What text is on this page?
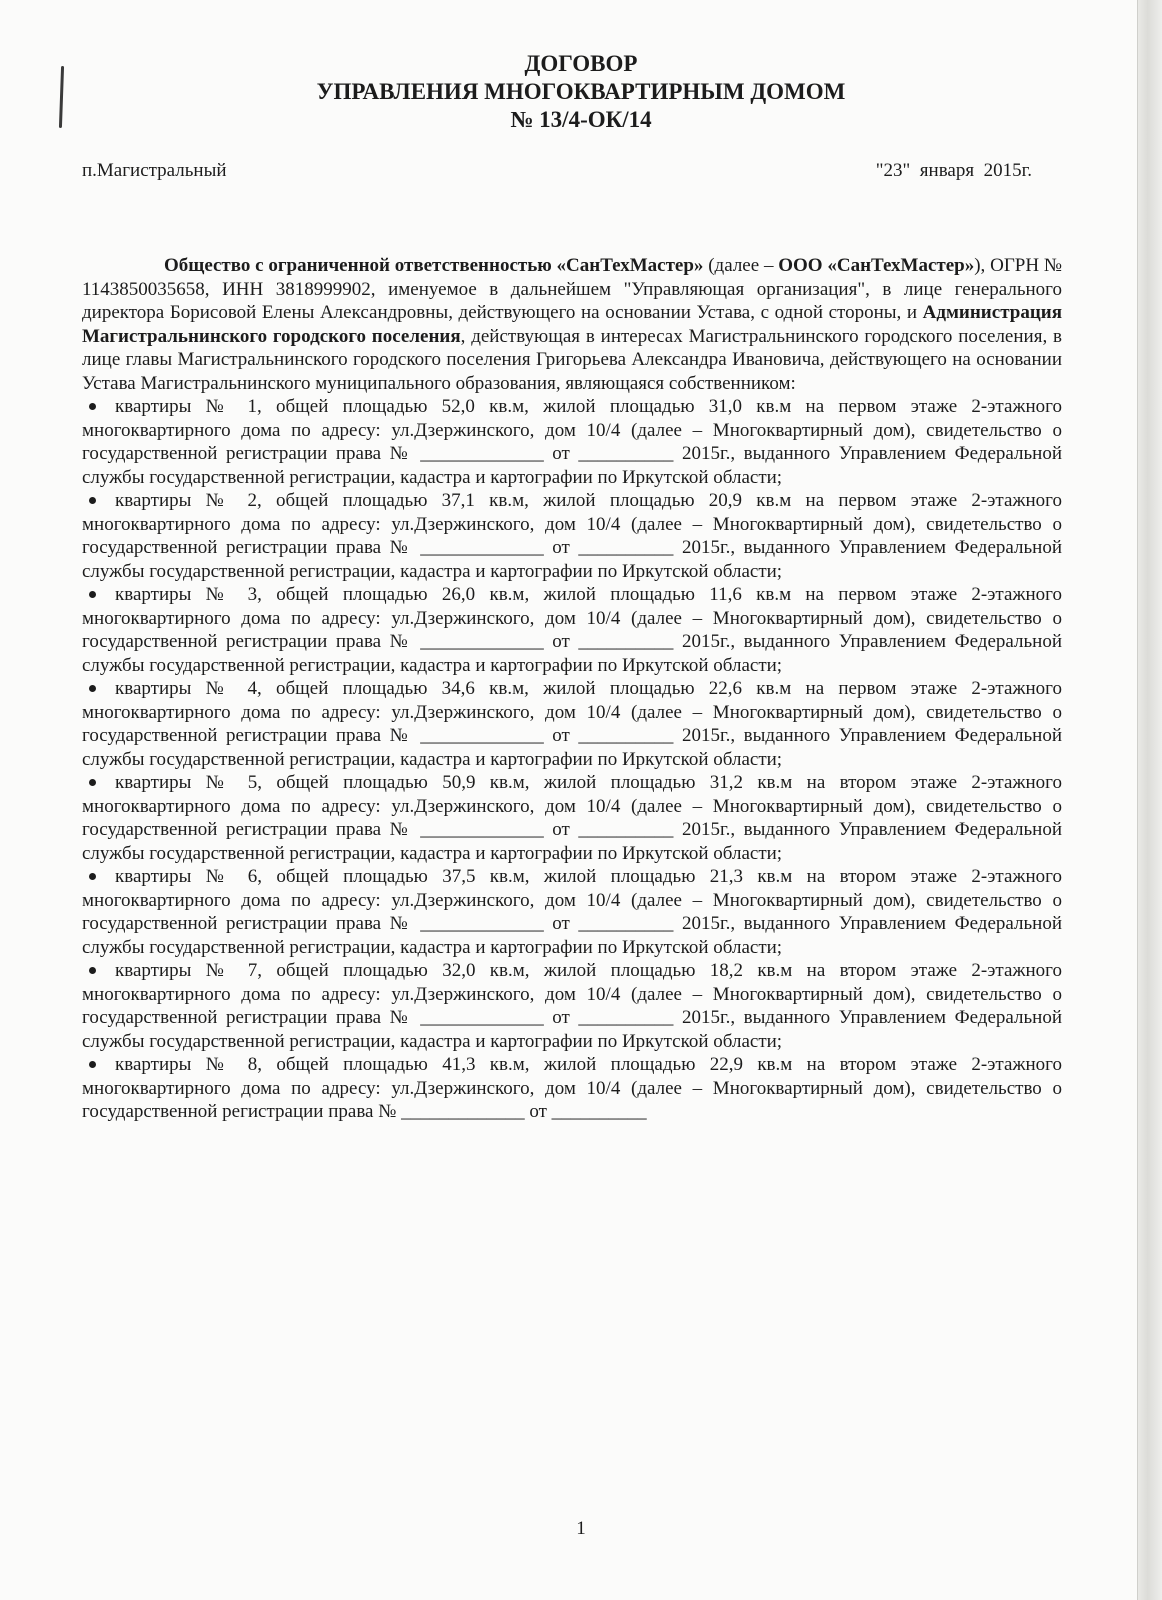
ДОГОВОР
УПРАВЛЕНИЯ МНОГОКВАРТИРНЫМ ДОМОМ
№ 13/4-ОК/14
п.Магистральный	"23"  января  2015г.

Общество с ограниченной ответственностью «СанТехМастер» (далее – ООО «СанТехМастер»), ОГРН № 1143850035658, ИНН 3818999902, именуемое в дальнейшем "Управляющая организация", в лице генерального директора Борисовой Елены Александровны, действующего на основании Устава, с одной стороны, и Администрация Магистральнинского городского поселения, действующая в интересах Магистральнинского городского поселения, в лице главы Магистральнинского городского поселения Григорьева Александра Ивановича, действующего на основании Устава Магистральнинского муниципального образования, являющаяся собственником:

квартиры № 1, общей площадью 52,0 кв.м, жилой площадью 31,0 кв.м на первом этаже 2-этажного многоквартирного дома по адресу: ул.Дзержинского, дом 10/4 (далее – Многоквартирный дом), свидетельство о государственной регистрации права № _____________ от __________ 2015г., выданного Управлением Федеральной службы государственной регистрации, кадастра и картографии по Иркутской области;
квартиры № 2, общей площадью 37,1 кв.м, жилой площадью 20,9 кв.м на первом этаже 2-этажного многоквартирного дома по адресу: ул.Дзержинского, дом 10/4 (далее – Многоквартирный дом), свидетельство о государственной регистрации права № _____________ от __________ 2015г., выданного Управлением Федеральной службы государственной регистрации, кадастра и картографии по Иркутской области;
квартиры № 3, общей площадью 26,0 кв.м, жилой площадью 11,6 кв.м на первом этаже 2-этажного многоквартирного дома по адресу: ул.Дзержинского, дом 10/4 (далее – Многоквартирный дом), свидетельство о государственной регистрации права № _____________ от __________ 2015г., выданного Управлением Федеральной службы государственной регистрации, кадастра и картографии по Иркутской области;
квартиры № 4, общей площадью 34,6 кв.м, жилой площадью 22,6 кв.м на первом этаже 2-этажного многоквартирного дома по адресу: ул.Дзержинского, дом 10/4 (далее – Многоквартирный дом), свидетельство о государственной регистрации права № _____________ от __________ 2015г., выданного Управлением Федеральной службы государственной регистрации, кадастра и картографии по Иркутской области;
квартиры № 5, общей площадью 50,9 кв.м, жилой площадью 31,2 кв.м на втором этаже 2-этажного многоквартирного дома по адресу: ул.Дзержинского, дом 10/4 (далее – Многоквартирный дом), свидетельство о государственной регистрации права № _____________ от __________ 2015г., выданного Управлением Федеральной службы государственной регистрации, кадастра и картографии по Иркутской области;
квартиры № 6, общей площадью 37,5 кв.м, жилой площадью 21,3 кв.м на втором этаже 2-этажного многоквартирного дома по адресу: ул.Дзержинского, дом 10/4 (далее – Многоквартирный дом), свидетельство о государственной регистрации права № _____________ от __________ 2015г., выданного Управлением Федеральной службы государственной регистрации, кадастра и картографии по Иркутской области;
квартиры № 7, общей площадью 32,0 кв.м, жилой площадью 18,2 кв.м на втором этаже 2-этажного многоквартирного дома по адресу: ул.Дзержинского, дом 10/4 (далее – Многоквартирный дом), свидетельство о государственной регистрации права № _____________ от __________ 2015г., выданного Управлением Федеральной службы государственной регистрации, кадастра и картографии по Иркутской области;
квартиры № 8, общей площадью 41,3 кв.м, жилой площадью 22,9 кв.м на втором этаже 2-этажного многоквартирного дома по адресу: ул.Дзержинского, дом 10/4 (далее – Многоквартирный дом), свидетельство о государственной регистрации права № _____________ от __________
1
